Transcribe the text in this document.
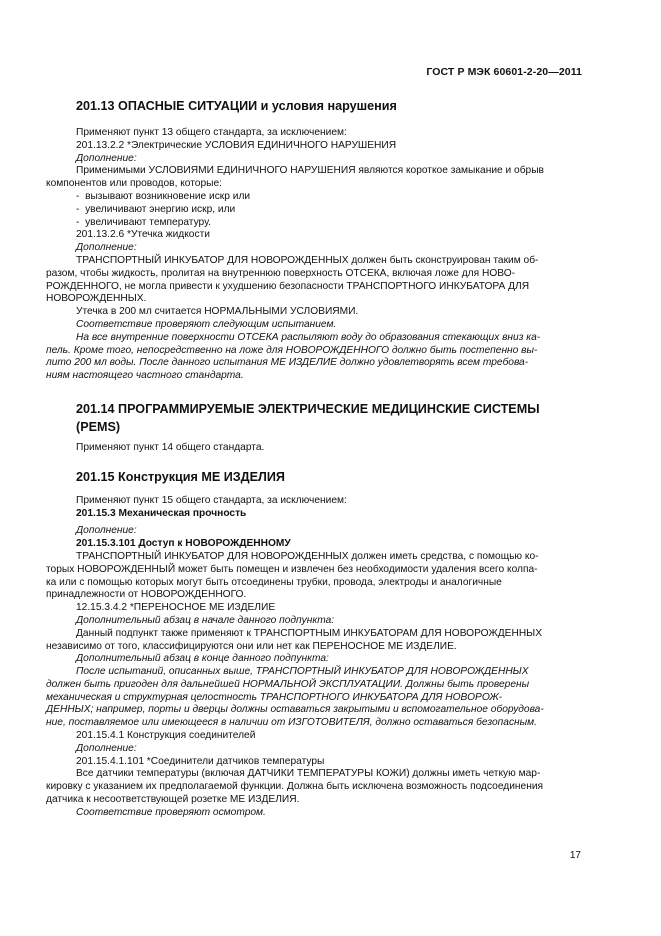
ГОСТ Р МЭК 60601-2-20—2011

201.13 ОПАСНЫЕ СИТУАЦИИ и условия нарушения

Применяют пункт 13 общего стандарта, за исключением:

201.13.2.2 *Электрические УСЛОВИЯ ЕДИНИЧНОГО НАРУШЕНИЯ

Дополнение:

Применимыми УСЛОВИЯМИ ЕДИНИЧНОГО НАРУШЕНИЯ являются короткое замыкание и обрыв

компонентов или проводов, которые:

-  вызывают возникновение искр или

-  увеличивают энергию искр, или

-  увеличивают температуру.

201.13.2.6 *Утечка жидкости

Дополнение:

ТРАНСПОРТНЫЙ ИНКУБАТОР ДЛЯ НОВОРОЖДЕННЫХ должен быть сконструирован таким об-

разом, чтобы жидкость, пролитая на внутреннюю поверхность ОТСЕКА, включая ложе для НОВО-

РОЖДЕННОГО, не могла привести к ухудшению безопасности ТРАНСПОРТНОГО ИНКУБАТОРА ДЛЯ

НОВОРОЖДЕННЫХ.

Утечка в 200 мл считается НОРМАЛЬНЫМИ УСЛОВИЯМИ.

Соответствие проверяют следующим испытанием.

На все внутренние поверхности ОТСЕКА распыляют воду до образования стекающих вниз ка-

пель. Кроме того, непосредственно на ложе для НОВОРОЖДЕННОГО должно быть постепенно вы-

лито 200 мл воды. После данного испытания МЕ ИЗДЕЛИЕ должно удовлетворять всем требова-

ниям настоящего частного стандарта.

201.14 ПРОГРАММИРУЕМЫЕ ЭЛЕКТРИЧЕСКИЕ МЕДИЦИНСКИЕ СИСТЕМЫ

(PEMS)

Применяют пункт 14 общего стандарта.

201.15 Конструкция МЕ ИЗДЕЛИЯ

Применяют пункт 15 общего стандарта, за исключением:

201.15.3 Механическая прочность

Дополнение:

201.15.3.101 Доступ к НОВОРОЖДЕННОМУ

ТРАНСПОРТНЫЙ ИНКУБАТОР ДЛЯ НОВОРОЖДЕННЫХ должен иметь средства, с помощью ко-

торых НОВОРОЖДЕННЫЙ может быть помещен и извлечен без необходимости удаления всего колпа-

ка или с помощью которых могут быть отсоединены трубки, провода, электроды и аналогичные

принадлежности от НОВОРОЖДЕННОГО.

12.15.3.4.2 *ПЕРЕНОСНОЕ МЕ ИЗДЕЛИЕ

Дополнительный абзац в начале данного подпункта:

Данный подпункт также применяют к ТРАНСПОРТНЫМ ИНКУБАТОРАМ ДЛЯ НОВОРОЖДЕННЫХ

независимо от того, классифицируются они или нет как ПЕРЕНОСНОЕ МЕ ИЗДЕЛИЕ.

Дополнительный абзац в конце данного подпункта:

После испытаний, описанных выше, ТРАНСПОРТНЫЙ ИНКУБАТОР ДЛЯ НОВОРОЖДЕННЫХ

должен быть пригоден для дальнейшей НОРМАЛЬНОЙ ЭКСПЛУАТАЦИИ. Должны быть проверены

механическая и структурная целостность ТРАНСПОРТНОГО ИНКУБАТОРА ДЛЯ НОВОРОЖ-

ДЕННЫХ; например, порты и дверцы должны оставаться закрытыми и вспомогательное оборудова-

ние, поставляемое или имеющееся в наличии от ИЗГОТОВИТЕЛЯ, должно оставаться безопасным.

201.15.4.1 Конструкция соединителей

Дополнение:

201.15.4.1.101 *Соединители датчиков температуры

Все датчики температуры (включая ДАТЧИКИ ТЕМПЕРАТУРЫ КОЖИ) должны иметь четкую мар-

кировку с указанием их предполагаемой функции. Должна быть исключена возможность подсоединения

датчика к несоответствующей розетке МЕ ИЗДЕЛИЯ.

Соответствие проверяют осмотром.

17
